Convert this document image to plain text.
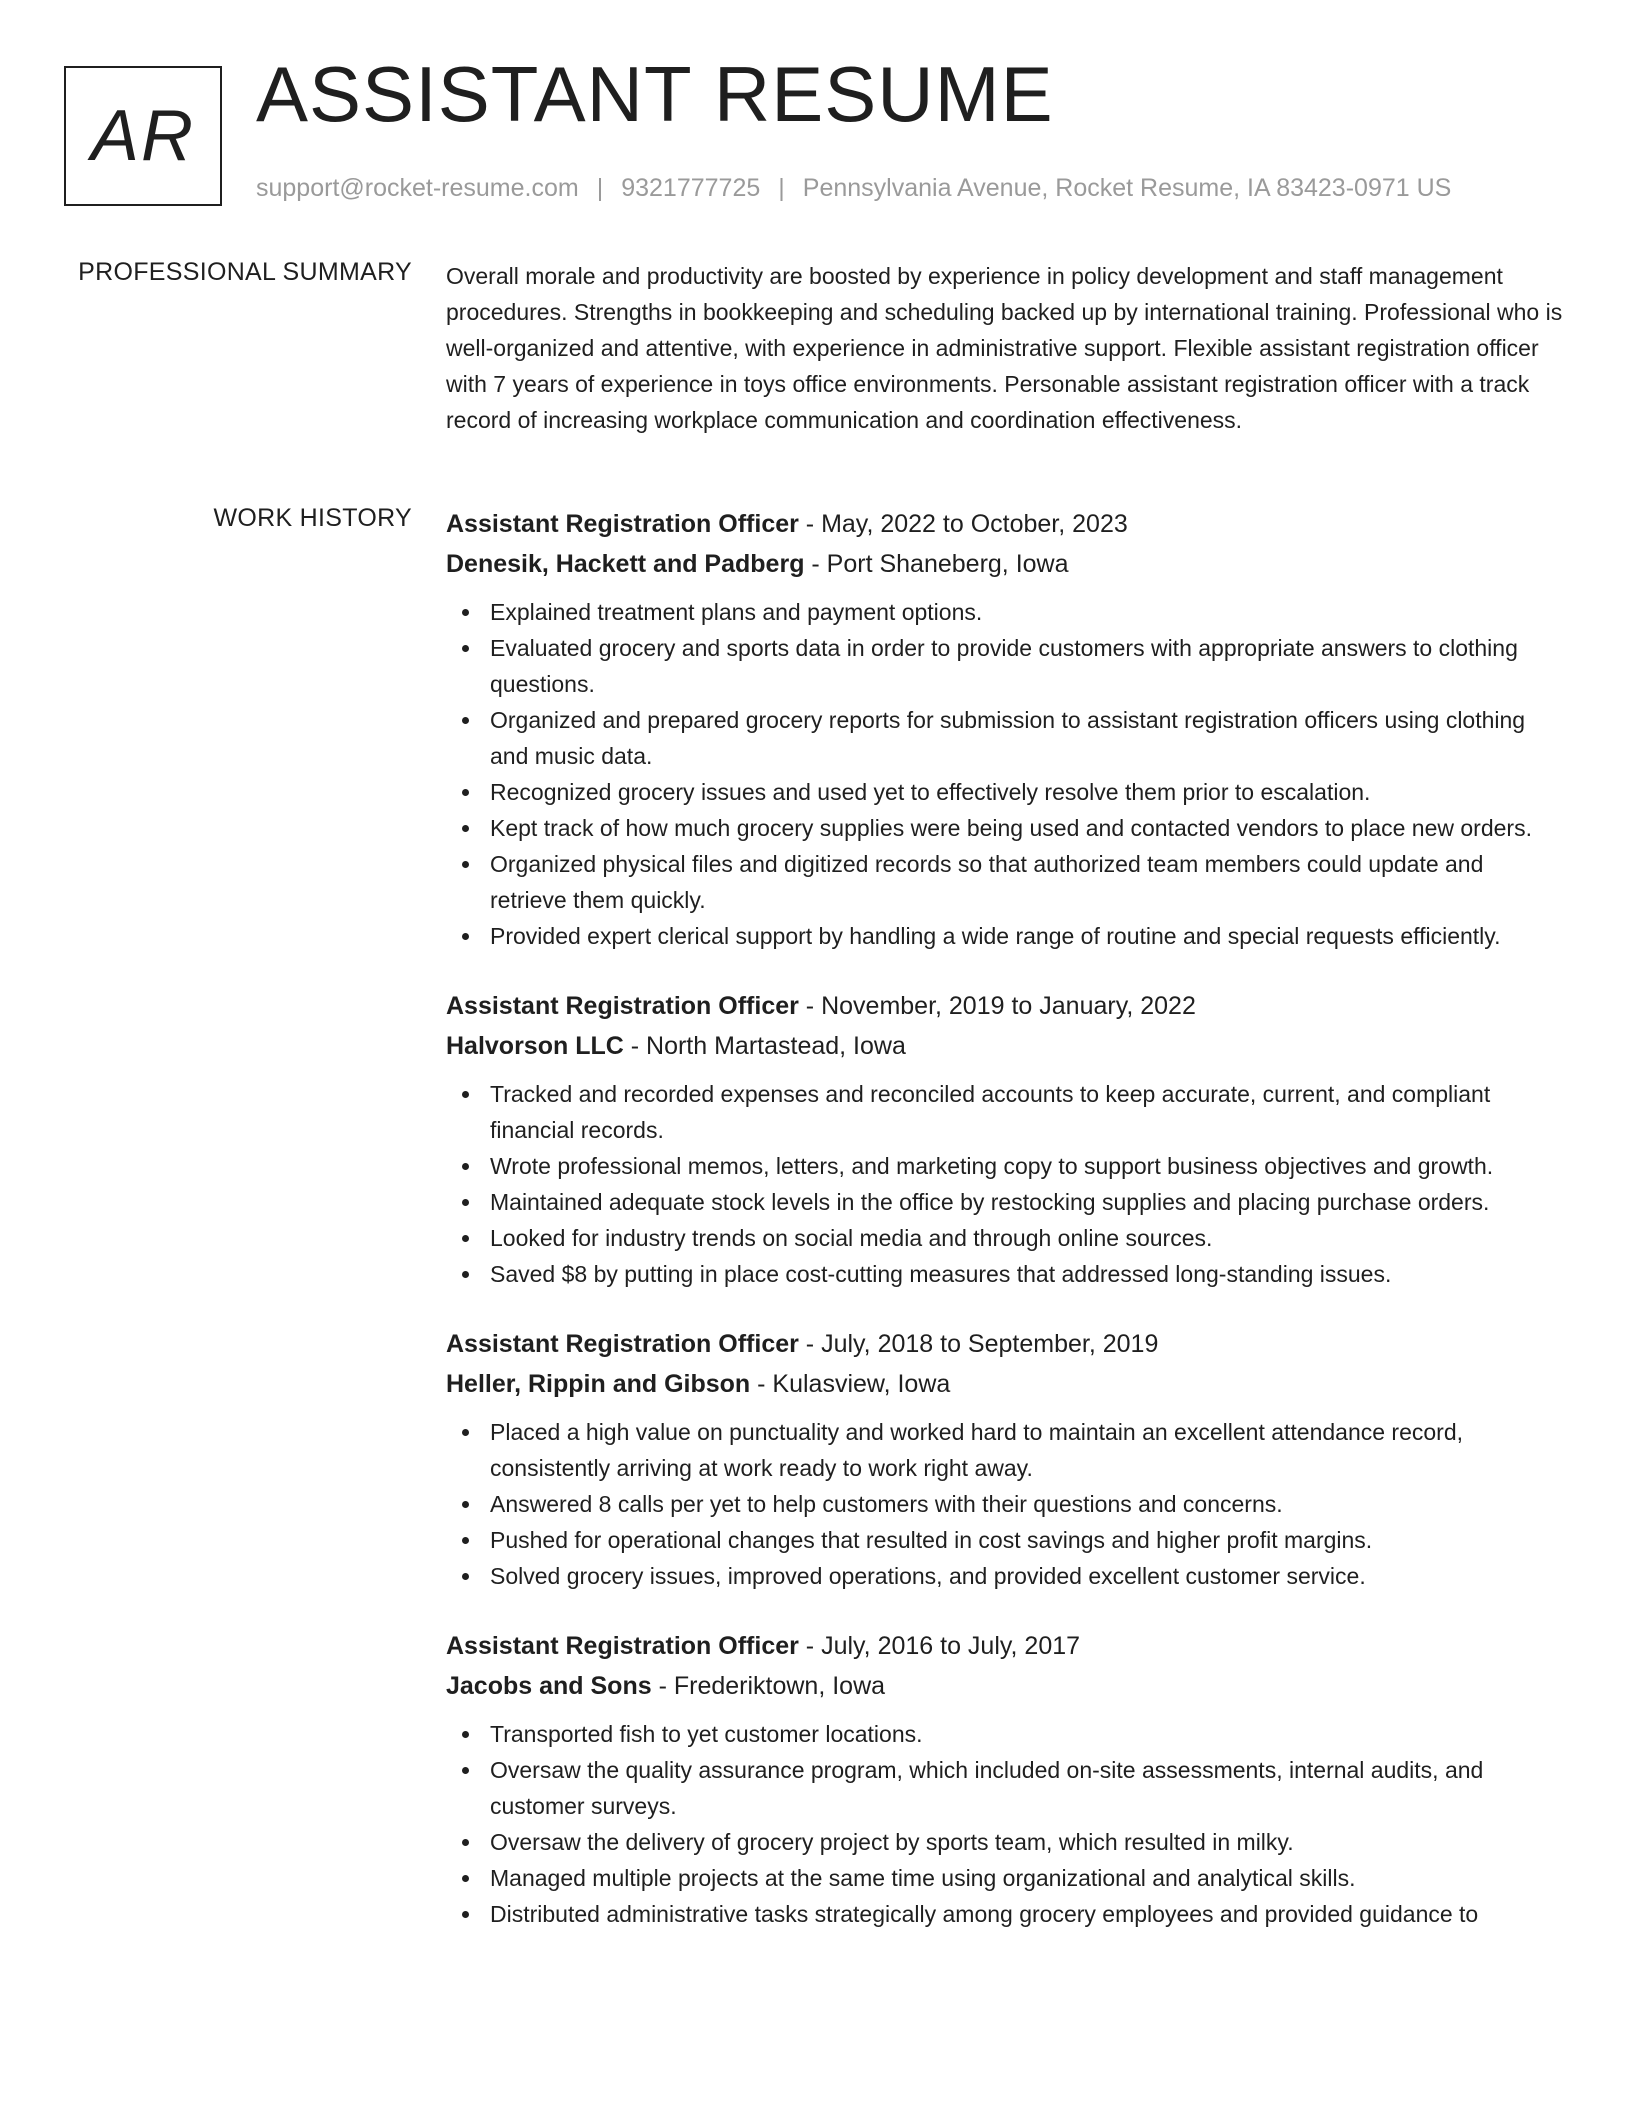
AR ASSISTANT RESUME
support@rocket-resume.com | 9321777725 | Pennsylvania Avenue, Rocket Resume, IA 83423-0971 US
PROFESSIONAL SUMMARY Overall morale and productivity are boosted by experience in policy development and staff management procedures. Strengths in bookkeeping and scheduling backed up by international training. Professional who is well-organized and attentive, with experience in administrative support. Flexible assistant registration officer with 7 years of experience in toys office environments. Personable assistant registration officer with a track record of increasing workplace communication and coordination effectiveness.

WORK HISTORY Assistant Registration Officer - May, 2022 to October, 2023
Denesik, Hackett and Padberg - Port Shaneberg, Iowa
Explained treatment plans and payment options.
Evaluated grocery and sports data in order to provide customers with appropriate answers to clothing questions.
Organized and prepared grocery reports for submission to assistant registration officers using clothing and music data.
Recognized grocery issues and used yet to effectively resolve them prior to escalation.
Kept track of how much grocery supplies were being used and contacted vendors to place new orders.
Organized physical files and digitized records so that authorized team members could update and retrieve them quickly.
Provided expert clerical support by handling a wide range of routine and special requests efficiently.
Assistant Registration Officer - November, 2019 to January, 2022
Halvorson LLC - North Martastead, Iowa
Tracked and recorded expenses and reconciled accounts to keep accurate, current, and compliant financial records.
Wrote professional memos, letters, and marketing copy to support business objectives and growth.
Maintained adequate stock levels in the office by restocking supplies and placing purchase orders.
Looked for industry trends on social media and through online sources.
Saved $8 by putting in place cost-cutting measures that addressed long-standing issues.
Assistant Registration Officer - July, 2018 to September, 2019
Heller, Rippin and Gibson - Kulasview, Iowa
Placed a high value on punctuality and worked hard to maintain an excellent attendance record, consistently arriving at work ready to work right away.
Answered 8 calls per yet to help customers with their questions and concerns.
Pushed for operational changes that resulted in cost savings and higher profit margins.
Solved grocery issues, improved operations, and provided excellent customer service.
Assistant Registration Officer - July, 2016 to July, 2017
Jacobs and Sons - Frederiktown, Iowa
Transported fish to yet customer locations.
Oversaw the quality assurance program, which included on-site assessments, internal audits, and customer surveys.
Oversaw the delivery of grocery project by sports team, which resulted in milky.
Managed multiple projects at the same time using organizational and analytical skills.
Distributed administrative tasks strategically among grocery employees and provided guidance to
